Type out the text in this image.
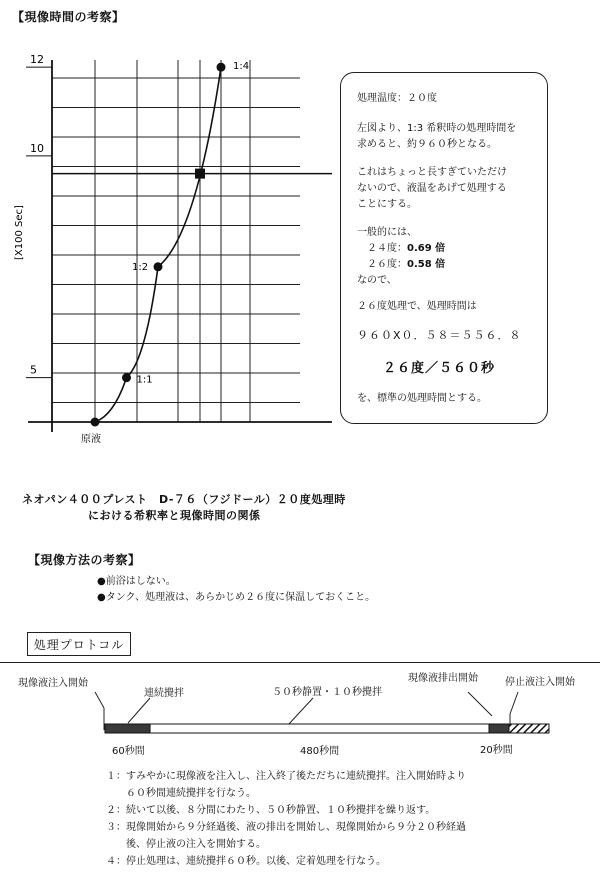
【現像時間の考察】
5
10
12
[X100 Sec]
原液
1:1
1:2
1:4
ネオパン４００プレスト　D-７６（フジドール）２０度処理時
における希釈率と現像時間の関係
処理温度：２０度
左図より、1:3 希釈時の処理時間を
求めると、約９６０秒となる。
これはちょっと長すぎていただけ
ないので、液温をあげて処理する
ことにする。
一般的には、
２４度：0.69 倍
２６度：0.58 倍
なので、
２６度処理で、処理時間は
９６０X０．５８＝５５６．８
２６度／５６０秒
を、標準の処理時間とする。
【現像方法の考察】
●前浴はしない。
●タンク、処理液は、あらかじめ２６度に保温しておくこと。
処理プロトコル
現像液注入開始
連続攪拌	５０秒静置・１０秒攪拌
現像液排出開始	停止液注入開始
60秒間	480秒間	20秒間
１：すみやかに現像液を注入し、注入終了後ただちに連続攪拌。注入開始時より
　　６０秒間連続攪拌を行なう。
２：続いて以後、８分間にわたり、５０秒静置、１０秒攪拌を繰り返す。
３：現像開始から９分経過後、液の排出を開始し、現像開始から９分２０秒経過
　　後、停止液の注入を開始する。
４：停止処理は、連続攪拌６０秒。以後、定着処理を行なう。
